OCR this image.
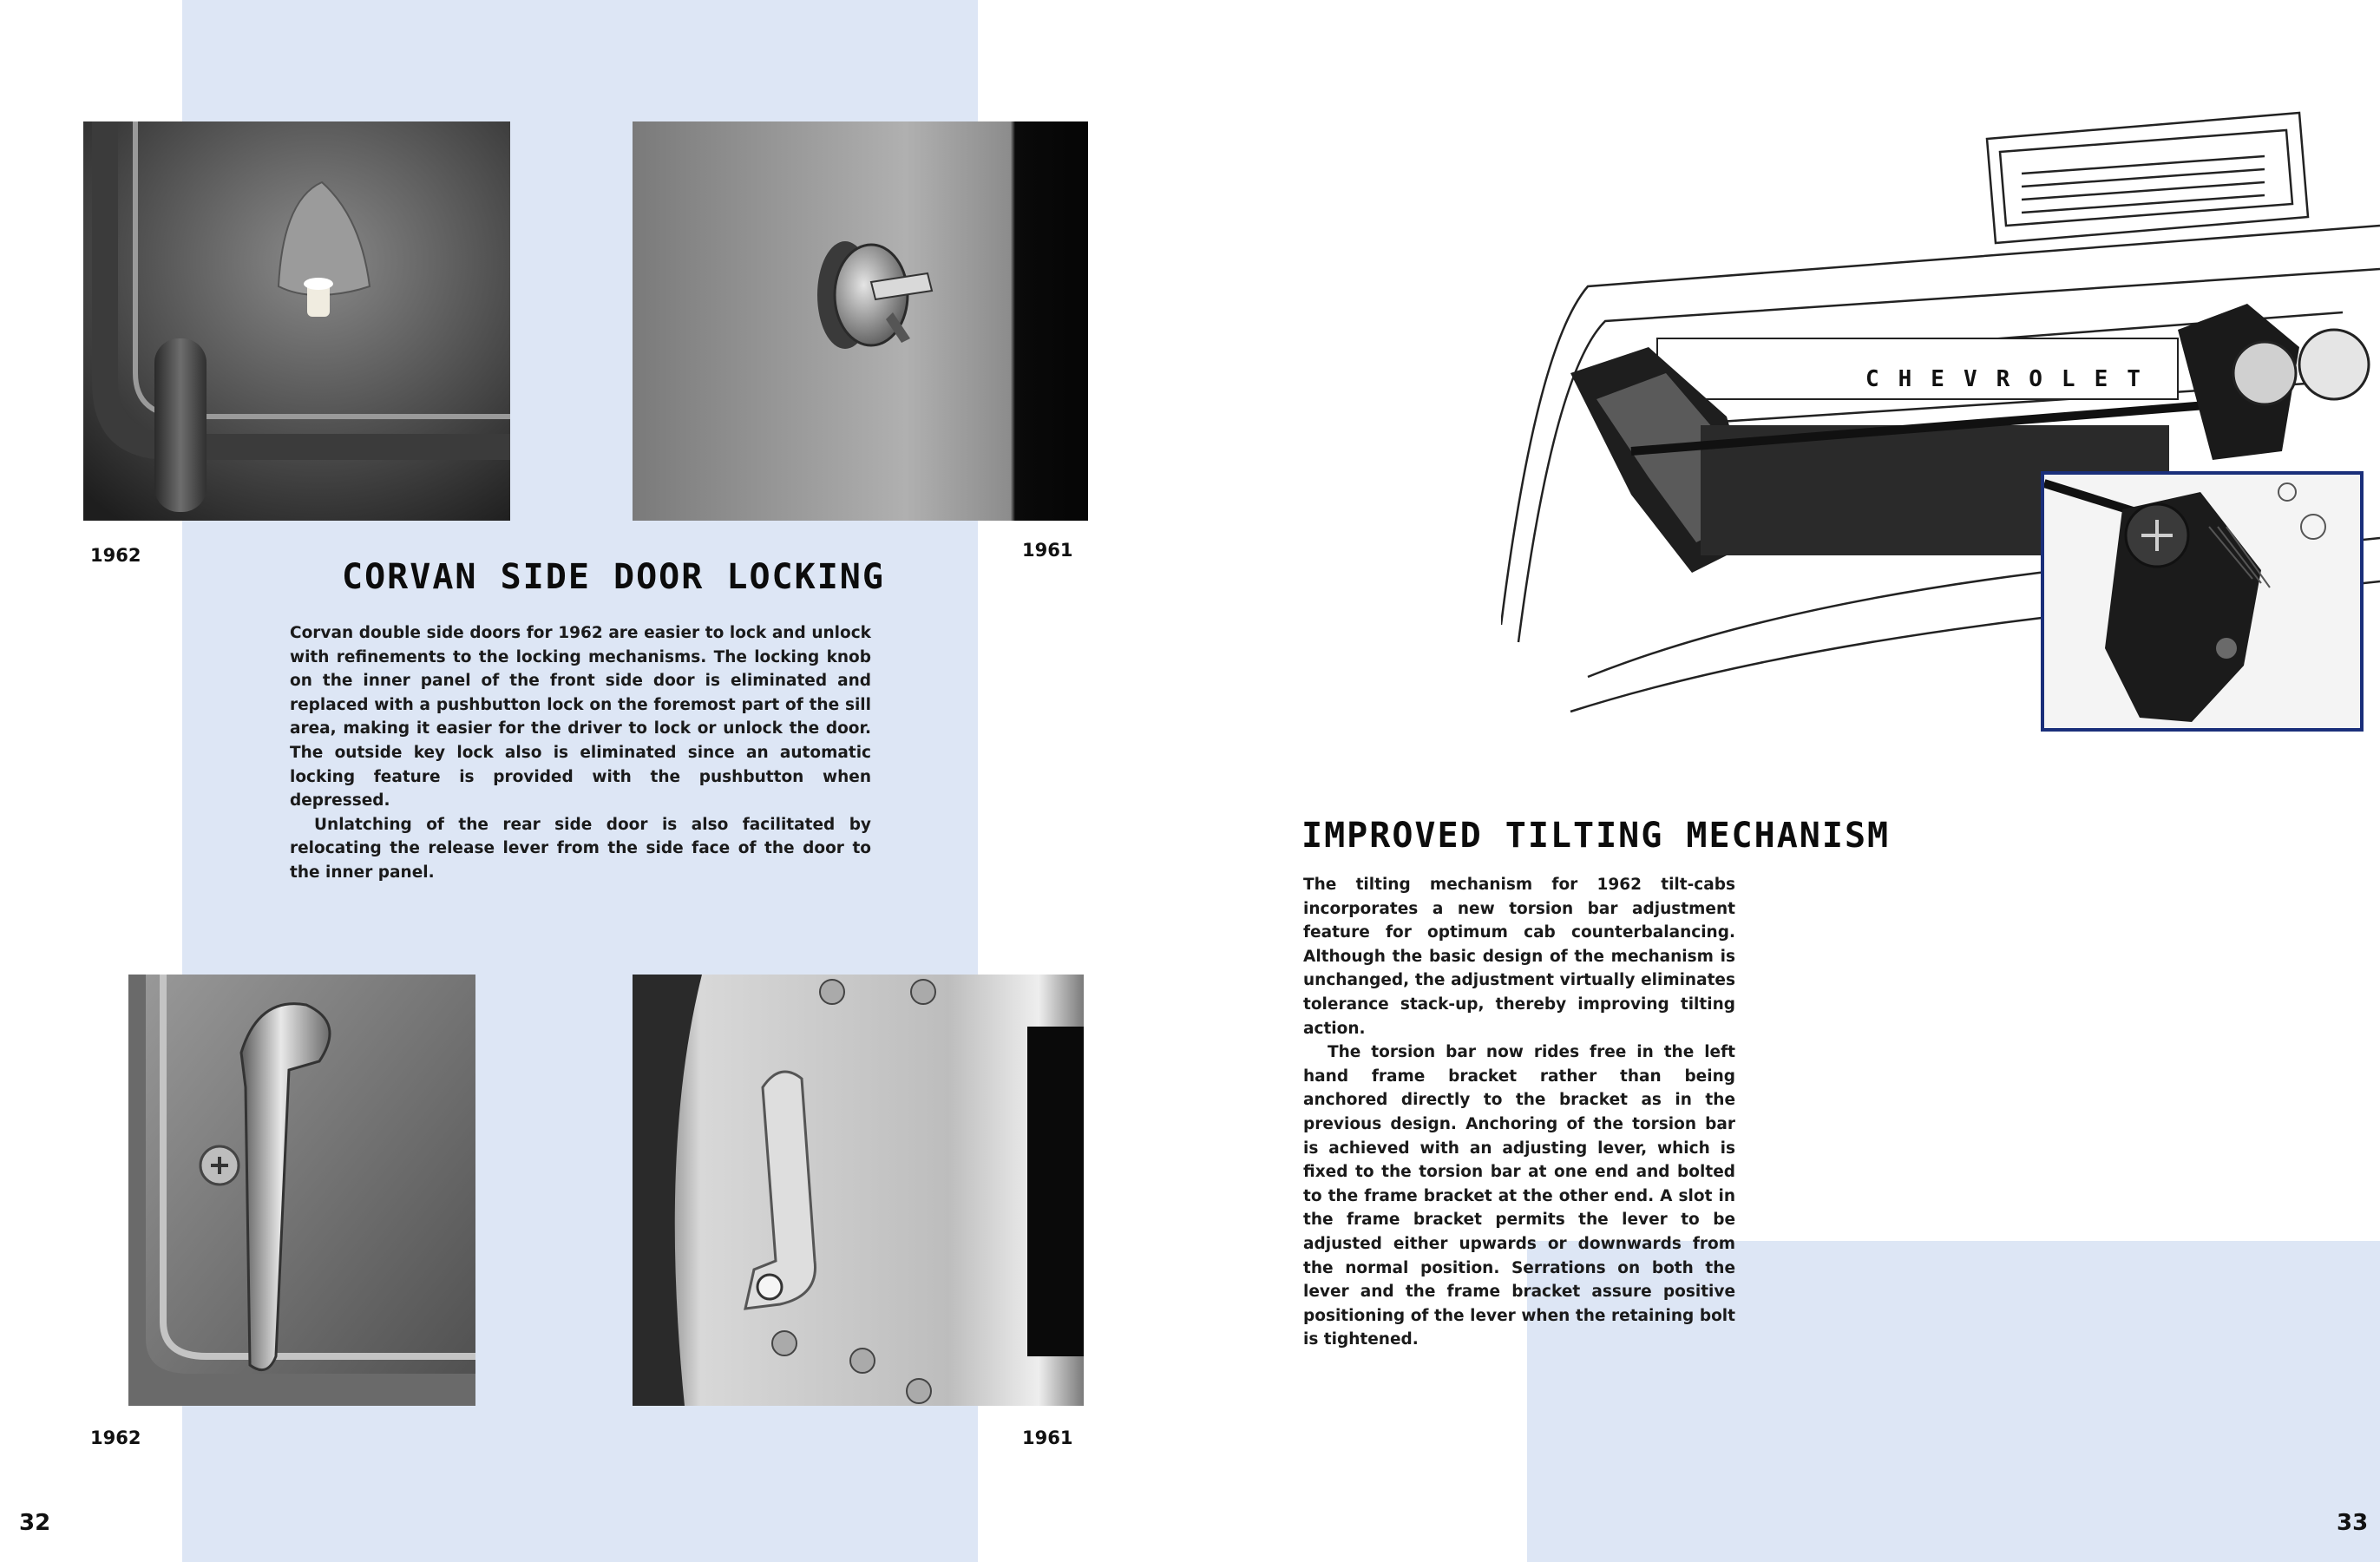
1962	1961
1962	1961
CORVAN SIDE DOOR LOCKING

Corvan double side doors for 1962 are easier to lock and unlock with refinements to the locking mechanisms. The locking knob on the inner panel of the front side door is eliminated and replaced with a pushbutton lock on the foremost part of the sill area, making it easier for the driver to lock or unlock the door. The outside key lock also is eliminated since an automatic locking feature is provided with the pushbutton when depressed.

Unlatching of the rear side door is also facilitated by relocating the release lever from the side face of the door to the inner panel.

CHEVROLET
IMPROVED TILTING MECHANISM

The tilting mechanism for 1962 tilt-cabs incorporates a new torsion bar adjustment feature for optimum cab counterbalancing. Although the basic design of the mechanism is unchanged, the adjustment virtually eliminates tolerance stack-up, thereby improving tilting action.

The torsion bar now rides free in the left hand frame bracket rather than being anchored directly to the bracket as in the previous design. Anchoring of the torsion bar is achieved with an adjusting lever, which is fixed to the torsion bar at one end and bolted to the frame bracket at the other end. A slot in the frame bracket permits the lever to be adjusted either upwards or downwards from the normal position. Serrations on both the lever and the frame bracket assure positive positioning of the lever when the retaining bolt is tightened.

32	33
